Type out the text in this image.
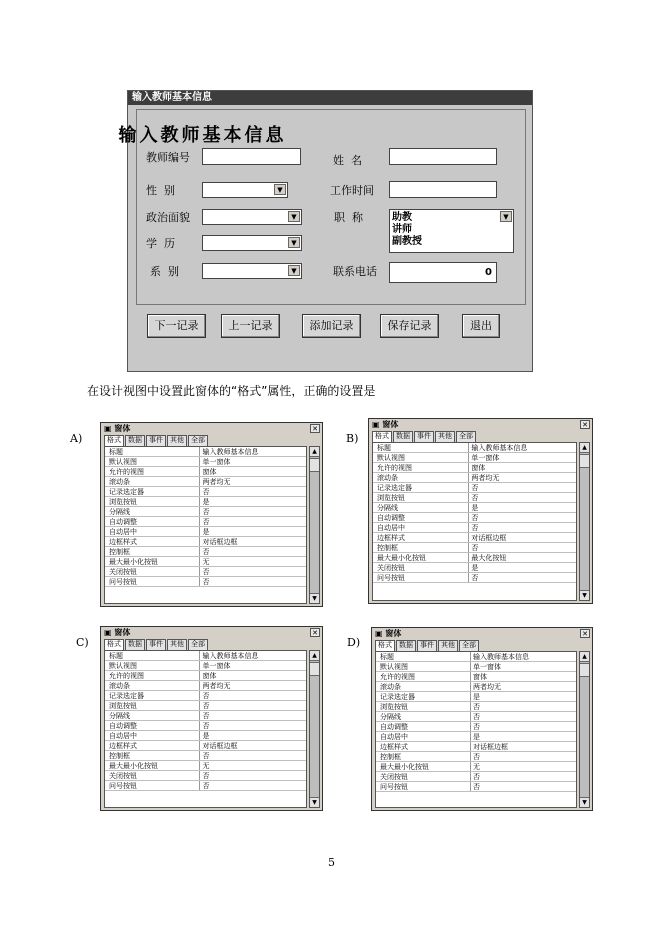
输入教师基本信息
输入教师基本信息
教师编号
性  别
政治面貌
学  历
系  别
▼
▼
▼
▼
姓  名
工作时间
职  称
联系电话
助教
讲师
副教授
▼
0
下一记录	上一记录	添加记录	保存记录	退出
在设计视图中设置此窗体的“格式”属性，正确的设置是
A)	B)
C)	D)
▣ 窗体	✕
格式	数据	事件	其他	全部
标题	输入教师基本信息
默认视图	单一窗体
允许的视图	窗体
滚动条	两者均无
记录选定器	否
浏览按钮	是
分隔线	否
自动调整	否
自动居中	是
边框样式	对话框边框
控制框	否
最大最小化按钮	无
关闭按钮	否
问号按钮	否
▲
▼
▣ 窗体	✕
格式	数据	事件	其他	全部
标题	输入教师基本信息
默认视图	单一窗体
允许的视图	窗体
滚动条	两者均无
记录选定器	否
浏览按钮	否
分隔线	是
自动调整	否
自动居中	否
边框样式	对话框边框
控制框	否
最大最小化按钮	最大化按钮
关闭按钮	是
问号按钮	否
▲
▼
▣ 窗体	✕
格式	数据	事件	其他	全部
标题	输入教师基本信息
默认视图	单一窗体
允许的视图	窗体
滚动条	两者均无
记录选定器	否
浏览按钮	否
分隔线	否
自动调整	否
自动居中	是
边框样式	对话框边框
控制框	否
最大最小化按钮	无
关闭按钮	否
问号按钮	否
▲
▼
▣ 窗体	✕
格式	数据	事件	其他	全部
标题	输入教师基本信息
默认视图	单一窗体
允许的视图	窗体
滚动条	两者均无
记录选定器	是
浏览按钮	否
分隔线	否
自动调整	否
自动居中	是
边框样式	对话框边框
控制框	否
最大最小化按钮	无
关闭按钮	否
问号按钮	否
▲
▼
5
